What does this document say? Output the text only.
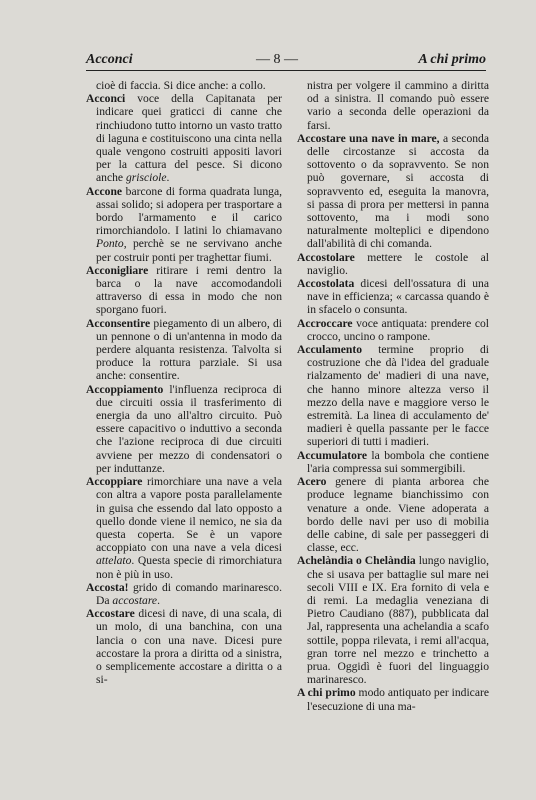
Acconci	— 8 —	A chi primo

cioè di faccia. Si dice anche: a collo.

Acconci voce della Capitanata per indicare quei graticci di canne che rinchiudono tutto intorno un vasto tratto di laguna e costituiscono una cinta nella quale vengono costruiti appositi lavori per la cattura del pesce. Si dicono anche grisciole.

Accone barcone di forma quadrata lunga, assai solido; si adopera per trasportare a bordo l'armamento e il carico rimorchiandolo. I latini lo chiamavano Ponto, perchè se ne servivano anche per costruir ponti per traghettar fiumi.

Acconigliare ritirare i remi dentro la barca o la nave accomodandoli attraverso di essa in modo che non sporgano fuori.

Acconsentire piegamento di un albero, di un pennone o di un'antenna in modo da perdere alquanta resistenza. Talvolta si produce la rottura parziale. Si usa anche: consentire.

Accoppiamento l'influenza reciproca di due circuiti ossia il trasferimento di energia da uno all'altro circuito. Può essere capacitivo o induttivo a seconda che l'azione reciproca di due circuiti avviene per mezzo di condensatori o per induttanze.

Accoppiare rimorchiare una nave a vela con altra a vapore posta parallelamente in guisa che essendo dal lato opposto a quello donde viene il nemico, ne sia da questa coperta. Se è un vapore accoppiato con una nave a vela dicesi attelato. Questa specie di rimorchiatura non è più in uso.

Accosta! grido di comando marinaresco. Da accostare.

Accostare dicesi di nave, di una scala, di un molo, di una banchina, con una lancia o con una nave. Dicesi pure accostare la prora a diritta od a sinistra, o semplicemente accostare a diritta o a si-

nistra per volgere il cammino a diritta od a sinistra. Il comando può essere vario a seconda delle operazioni da farsi.

Accostare una nave in mare, a seconda delle circostanze si accosta da sottovento o da sopravvento. Se non può governare, si accosta di sopravvento ed, eseguita la manovra, si passa di prora per mettersi in panna sottovento, ma i modi sono naturalmente molteplici e dipendono dall'abilità di chi comanda.

Accostolare mettere le costole al naviglio.

Accostolata dicesi dell'ossatura di una nave in efficienza; « carcassa quando è in sfacelo o consunta.

Accroccare voce antiquata: prendere col crocco, uncino o rampone.

Acculamento termine proprio di costruzione che dà l'idea del graduale rialzamento de' madieri di una nave, che hanno minore altezza verso il mezzo della nave e maggiore verso le estremità. La linea di acculamento de' madieri è quella passante per le facce superiori di tutti i madieri.

Accumulatore la bombola che contiene l'aria compressa sui sommergibili.

Acero genere di pianta arborea che produce legname bianchissimo con venature a onde. Viene adoperata a bordo delle navi per uso di mobilia delle cabine, di sale per passeggeri di classe, ecc.

Achelàndia o Chelàndia lungo naviglio, che si usava per battaglie sul mare nei secoli VIII e IX. Era fornito di vela e di remi. La medaglia veneziana di Pietro Caudiano (887), pubblicata dal Jal, rappresenta una achelandia a scafo sottile, poppa rilevata, i remi all'acqua, gran torre nel mezzo e trinchetto a prua. Oggidì è fuori del linguaggio marinaresco.

A chi primo modo antiquato per indicare l'esecuzione di una ma-
